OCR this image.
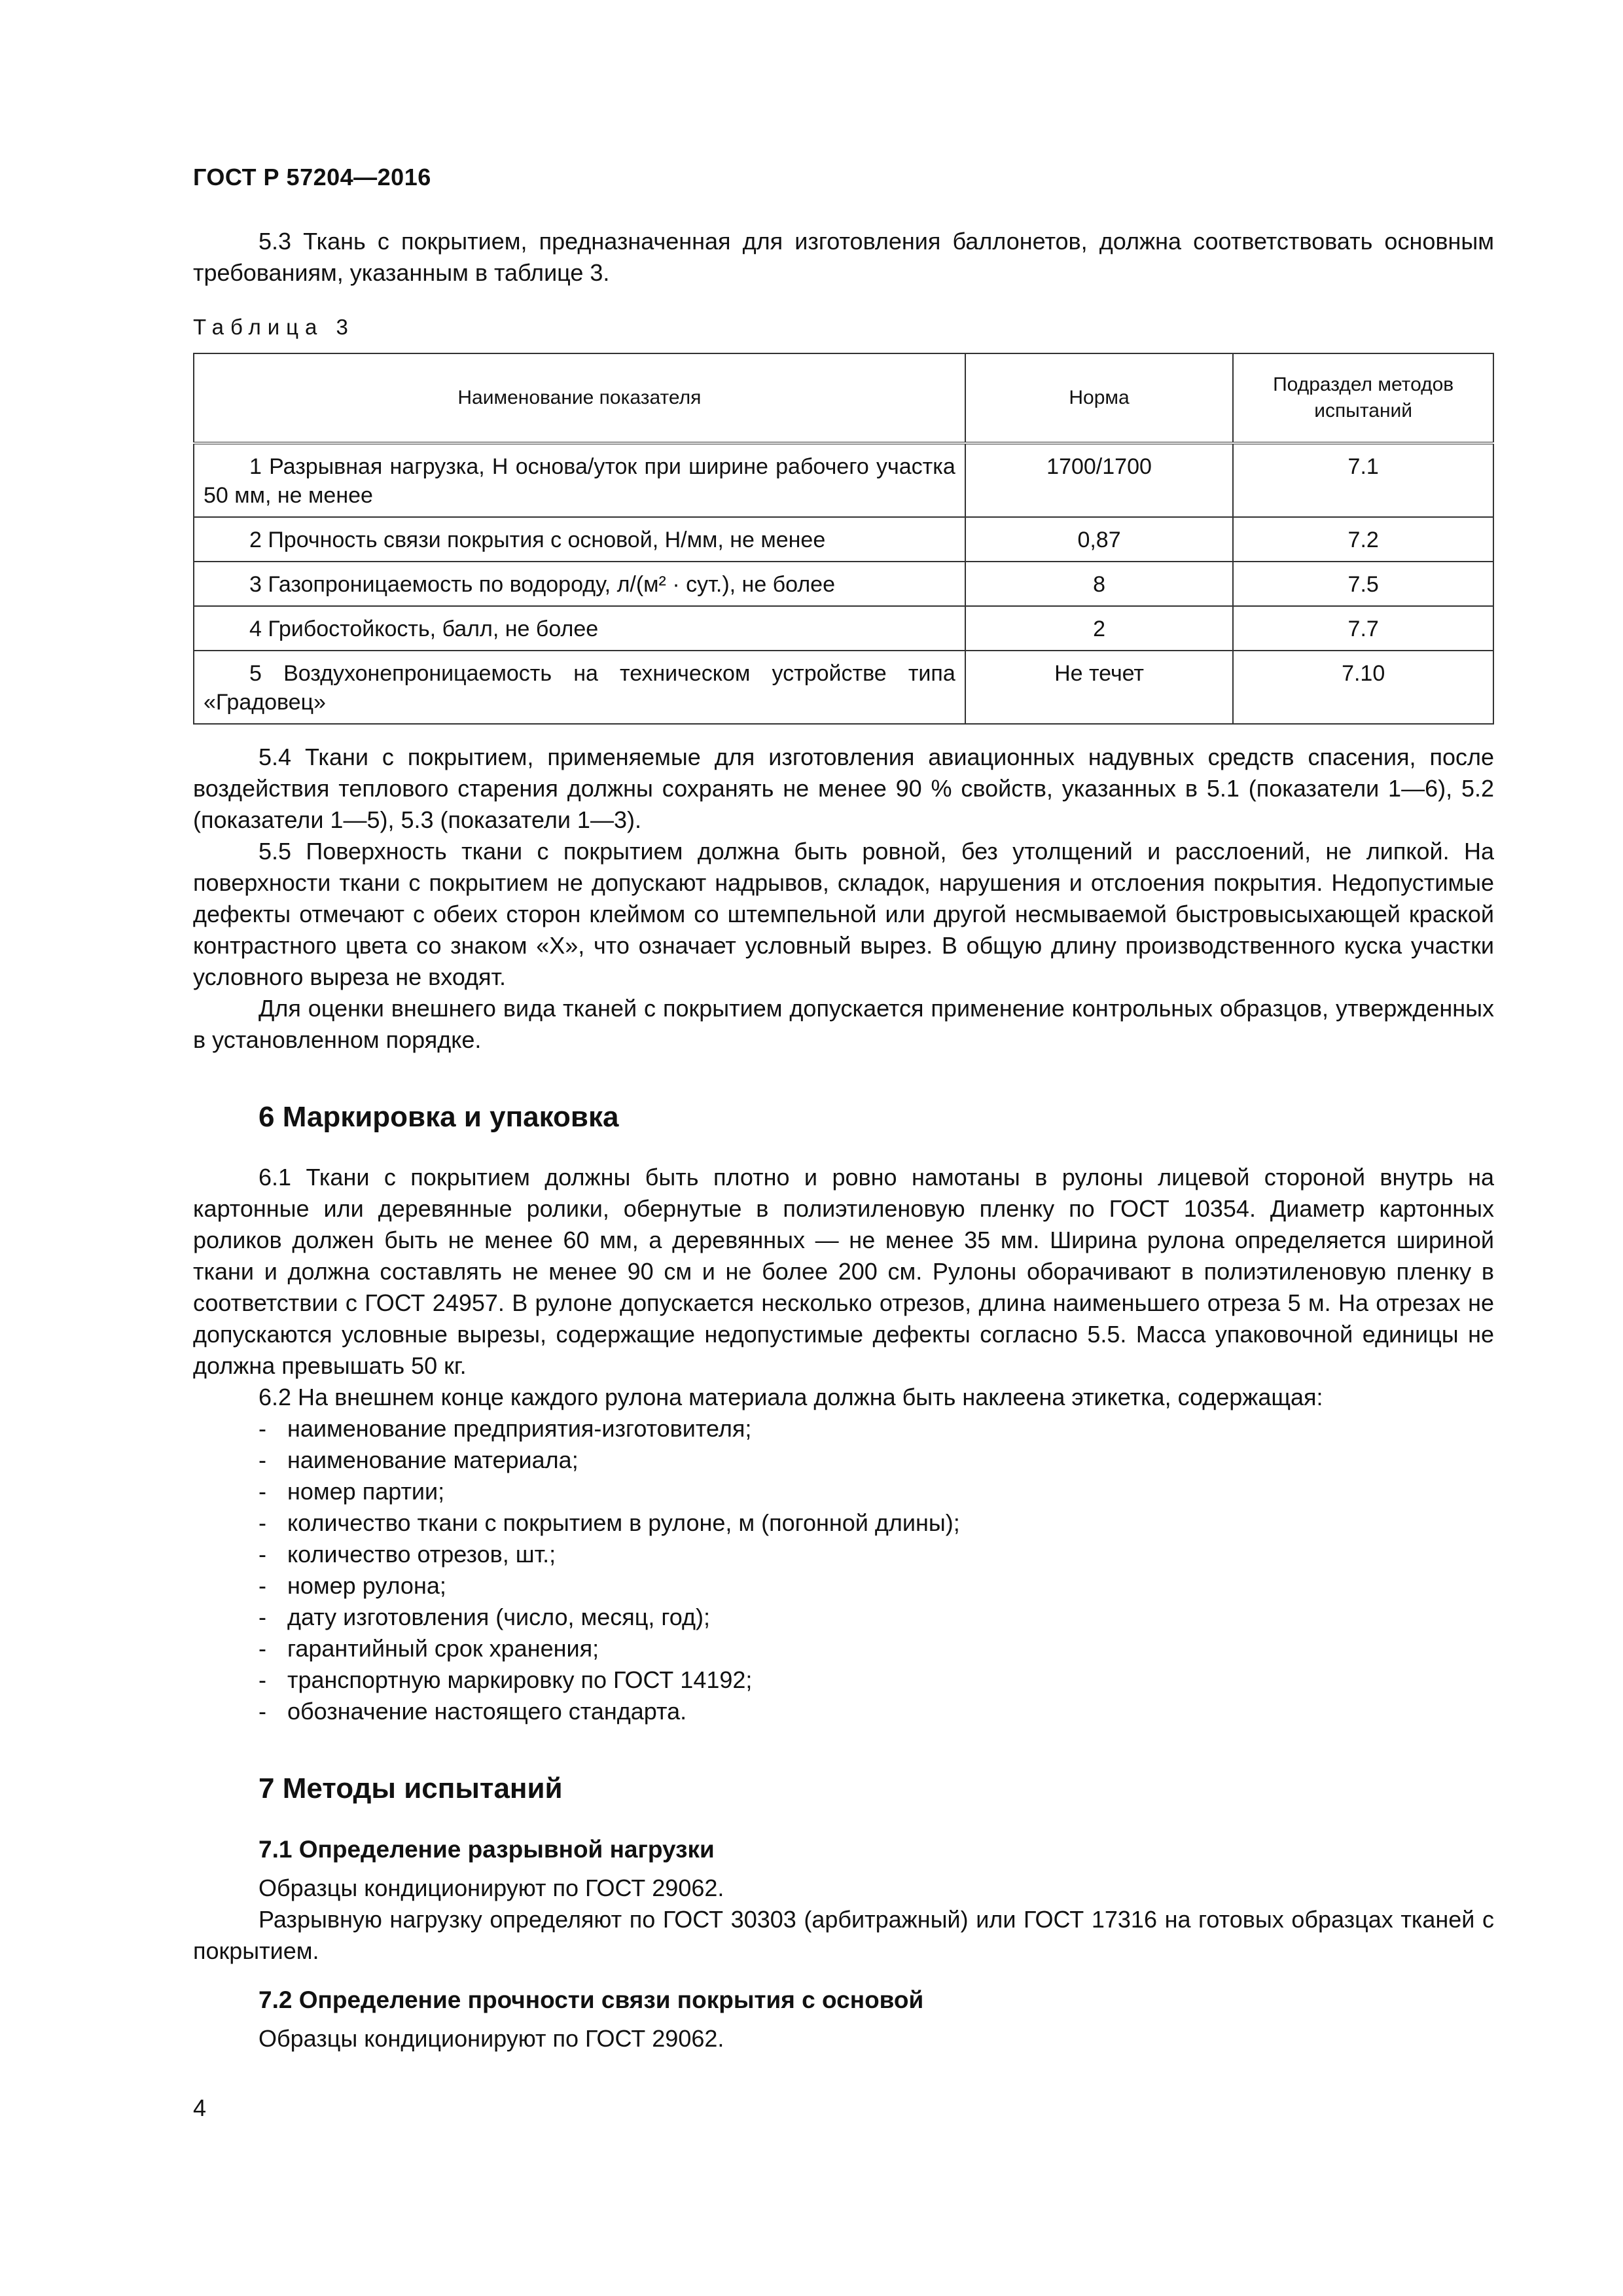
ГОСТ Р 57204—2016

5.3 Ткань с покрытием, предназначенная для изготовления баллонетов, должна соответствовать основным требованиям, указанным в таблице 3.

Таблица 3
Наименование показателя	Норма	Подраздел методов испытаний
1 Разрывная нагрузка, Н основа/уток при ширине рабочего участка 50 мм, не менее	1700/1700	7.1
2 Прочность связи покрытия с основой, Н/мм, не менее	0,87	7.2
3 Газопроницаемость по водороду, л/(м² · сут.), не более	8	7.5
4 Грибостойкость, балл, не более	2	7.7
5 Воздухонепроницаемость на техническом устройстве типа «Градовец»	Не течет	7.10

5.4 Ткани с покрытием, применяемые для изготовления авиационных надувных средств спасения, после воздействия теплового старения должны сохранять не менее 90 % свойств, указанных в 5.1 (показатели 1—6), 5.2 (показатели 1—5), 5.3 (показатели 1—3).

5.5 Поверхность ткани с покрытием должна быть ровной, без утолщений и расслоений, не липкой. На поверхности ткани с покрытием не допускают надрывов, складок, нарушения и отслоения покрытия. Недопустимые дефекты отмечают с обеих сторон клеймом со штемпельной или другой несмываемой быстровысыхающей краской контрастного цвета со знаком «Х», что означает условный вырез. В общую длину производственного куска участки условного выреза не входят.

Для оценки внешнего вида тканей с покрытием допускается применение контрольных образцов, утвержденных в установленном порядке.

6 Маркировка и упаковка

6.1 Ткани с покрытием должны быть плотно и ровно намотаны в рулоны лицевой стороной внутрь на картонные или деревянные ролики, обернутые в полиэтиленовую пленку по ГОСТ 10354. Диаметр картонных роликов должен быть не менее 60 мм, а деревянных — не менее 35 мм. Ширина рулона определяется шириной ткани и должна составлять не менее 90 см и не более 200 см. Рулоны оборачивают в полиэтиленовую пленку в соответствии с ГОСТ 24957. В рулоне допускается несколько отрезов, длина наименьшего отреза 5 м. На отрезах не допускаются условные вырезы, содержащие недопустимые дефекты согласно 5.5. Масса упаковочной единицы не должна превышать 50 кг.

6.2 На внешнем конце каждого рулона материала должна быть наклеена этикетка, содержащая:

- наименование предприятия-изготовителя;
- наименование материала;
- номер партии;
- количество ткани с покрытием в рулоне, м (погонной длины);
- количество отрезов, шт.;
- номер рулона;
- дату изготовления (число, месяц, год);
- гарантийный срок хранения;
- транспортную маркировку по ГОСТ 14192;
- обозначение настоящего стандарта.
7 Методы испытаний
7.1 Определение разрывной нагрузки

Образцы кондиционируют по ГОСТ 29062.

Разрывную нагрузку определяют по ГОСТ 30303 (арбитражный) или ГОСТ 17316 на готовых образцах тканей с покрытием.

7.2 Определение прочности связи покрытия с основой

Образцы кондиционируют по ГОСТ 29062.

4
